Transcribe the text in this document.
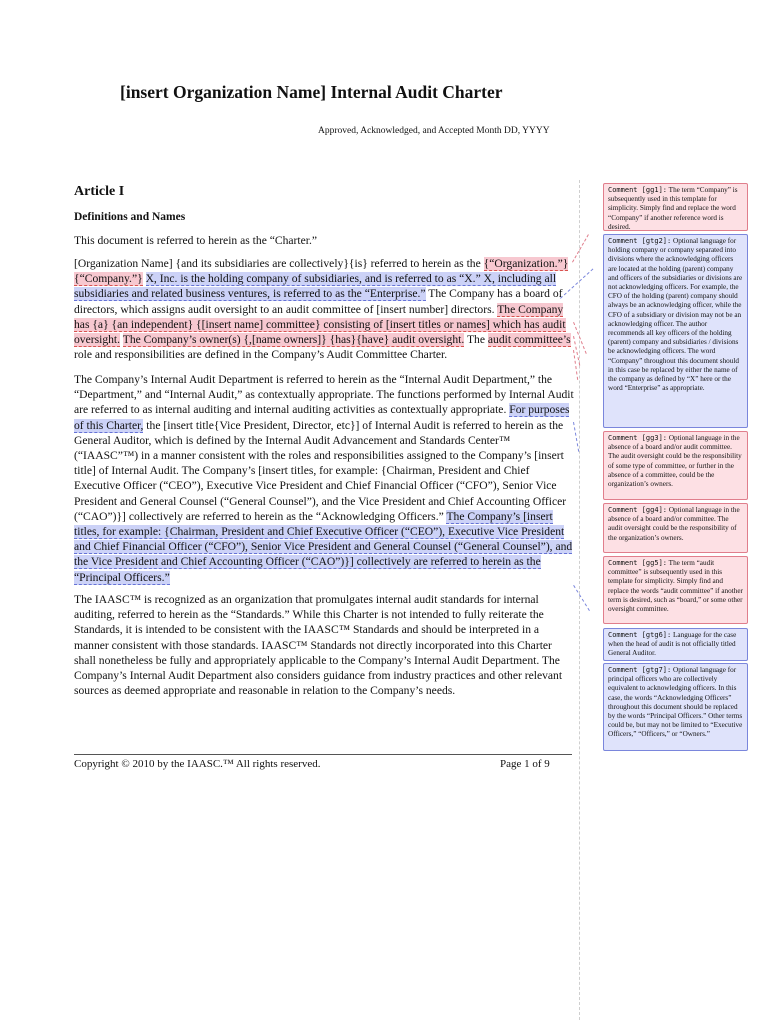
[insert Organization Name] Internal Audit Charter
Approved, Acknowledged, and Accepted Month DD, YYYY
Article I
Definitions and Names
This document is referred to herein as the “Charter.”
[Organization Name] {and its subsidiaries are collectively}{is} referred to herein as the {“Organization.”}{“Company.”} X, Inc. is the holding company of subsidiaries, and is referred to as “X.” X, including all subsidiaries and related business ventures, is referred to as the “Enterprise.” The Company has a board of directors, which assigns audit oversight to an audit committee of [insert number] directors. The Company has {a} {an independent} {[insert name] committee} consisting of [insert titles or names] which has audit oversight. The Company’s owner(s) {,[name owners]} {has}{have} audit oversight. The audit committee’s role and responsibilities are defined in the Company’s Audit Committee Charter.
The Company’s Internal Audit Department is referred to herein as the “Internal Audit Department,” the “Department,” and “Internal Audit,” as contextually appropriate. The functions performed by Internal Audit are referred to as internal auditing and internal auditing activities as contextually appropriate. For purposes of this Charter, the [insert title{Vice President, Director, etc}] of Internal Audit is referred to herein as the General Auditor, which is defined by the Internal Audit Advancement and Standards Center™ (“IAASC”™) in a manner consistent with the roles and responsibilities assigned to the Company’s [insert title] of Internal Audit. The Company’s [insert titles, for example: {Chairman, President and Chief Executive Officer (“CEO”), Executive Vice President and Chief Financial Officer (“CFO”), Senior Vice President and General Counsel (“General Counsel”), and the Vice President and Chief Accounting Officer (“CAO”)}] collectively are referred to herein as the “Acknowledging Officers.” The Company’s [insert titles, for example: {Chairman, President and Chief Executive Officer (“CEO”), Executive Vice President and Chief Financial Officer (“CFO”), Senior Vice President and General Counsel (“General Counsel”), and the Vice President and Chief Accounting Officer (“CAO”)}] collectively are referred to herein as the “Principal Officers.”
The IAASC™ is recognized as an organization that promulgates internal audit standards for internal auditing, referred to herein as the “Standards.” While this Charter is not intended to fully reiterate the Standards, it is intended to be consistent with the IAASC™ Standards and should be interpreted in a manner consistent with those standards. IAASC™ Standards not directly incorporated into this Charter shall nonetheless be fully and appropriately applicable to the Company’s Internal Audit Department. The Company’s Internal Audit Department also considers guidance from industry practices and other relevant sources as deemed appropriate and reasonable in relation to the Company’s needs.
Copyright © 2010 by the IAASC.™ All rights reserved.	Page 1 of 9
Comment [gg1]: The term “Company” is subsequently used in this template for simplicity. Simply find and replace the word “Company” if another reference word is desired.
Comment [gtg2]: Optional language for holding company or company separated into divisions where the acknowledging officers are located at the holding (parent) company and officers of the subsidiaries or divisions are not acknowledging officers. For example, the CFO of the holding (parent) company should always be an acknowledging officer, while the CFO of a subsidiary or division may not be an acknowledging officer. The author recommends all key officers of the holding (parent) company and subsidiaries / divisions be acknowledging officers. The word “Company” throughout this document should in this case be replaced by either the name of the company as defined by “X” here or the word “Enterprise” as appropriate.
Comment [gg3]: Optional language in the absence of a board and/or audit committee. The audit oversight could be the responsibility of some type of committee, or further in the absence of a committee, could be the organization’s owners.
Comment [gg4]: Optional language in the absence of a board and/or committee. The audit oversight could be the responsibility of the organization’s owners.
Comment [gg5]: The term “audit committee” is subsequently used in this template for simplicity. Simply find and replace the words “audit committee” if another term is desired, such as “board,” or some other oversight committee.
Comment [gtg6]: Language for the case when the head of audit is not officially titled General Auditor.
Comment [gtg7]: Optional language for principal officers who are collectively equivalent to acknowledging officers. In this case, the words “Acknowledging Officers” throughout this document should be replaced by the words “Principal Officers.” Other terms could be, but may not be limited to “Executive Officers,” “Officers,” or “Owners.”
